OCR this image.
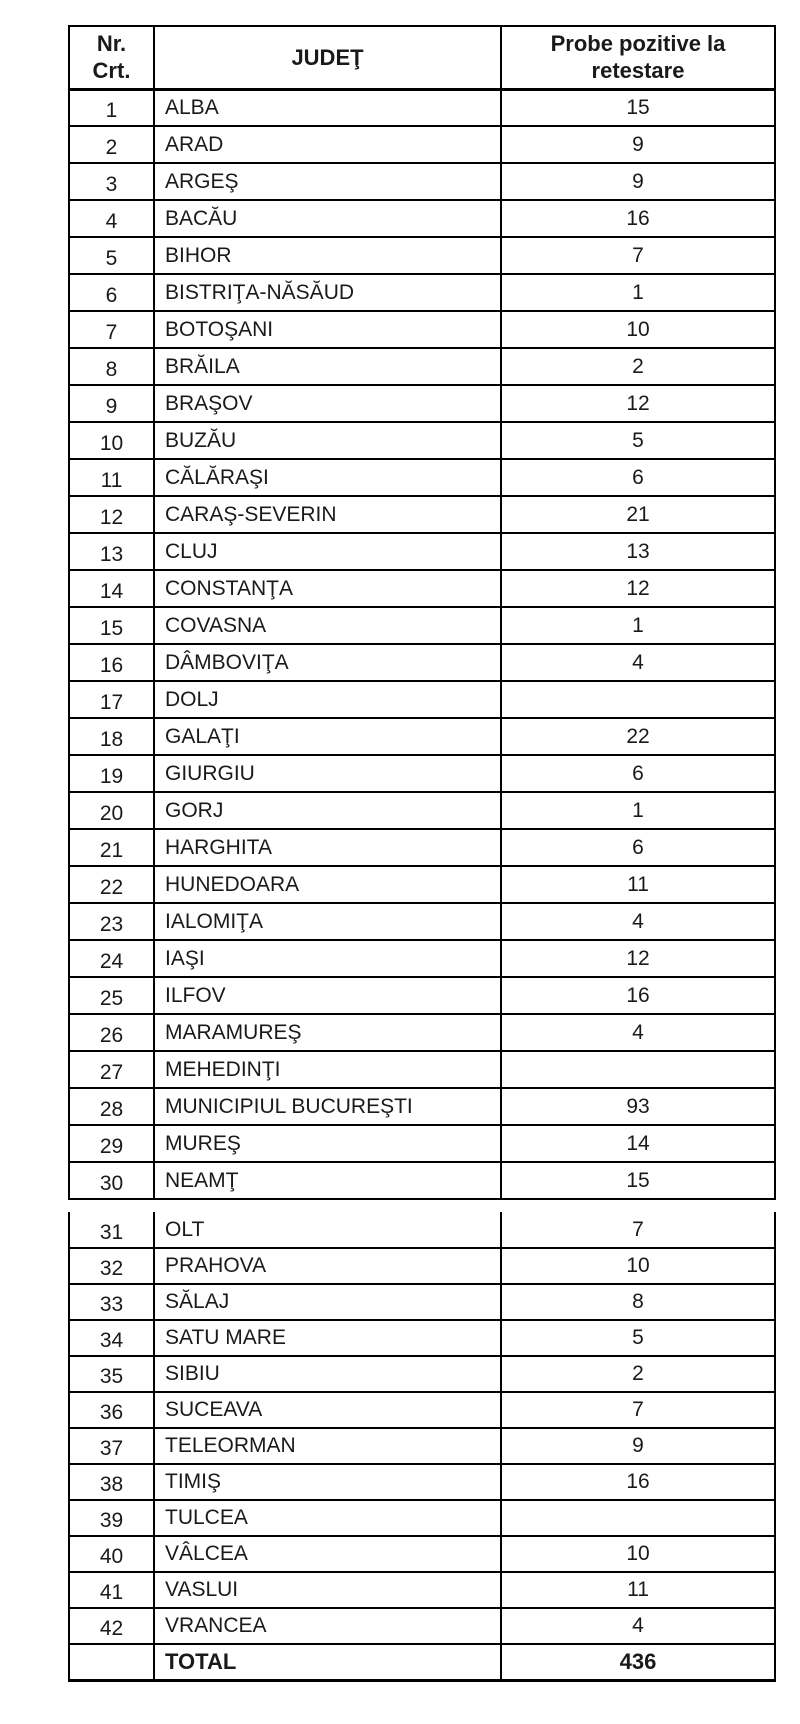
Nr. Crt.	JUDEŢ	Probe pozitive la retestare
1	ALBA	15
2	ARAD	9
3	ARGEŞ	9
4	BACĂU	16
5	BIHOR	7
6	BISTRIŢA-NĂSĂUD	1
7	BOTOŞANI	10
8	BRĂILA	2
9	BRAŞOV	12
10	BUZĂU	5
11	CĂLĂRAŞI	6
12	CARAŞ-SEVERIN	21
13	CLUJ	13
14	CONSTANŢA	12
15	COVASNA	1
16	DÂMBOVIŢA	4
17	DOLJ	
18	GALAŢI	22
19	GIURGIU	6
20	GORJ	1
21	HARGHITA	6
22	HUNEDOARA	11
23	IALOMIŢA	4
24	IAŞI	12
25	ILFOV	16
26	MARAMUREŞ	4
27	MEHEDINŢI	
28	MUNICIPIUL BUCUREŞTI	93
29	MUREŞ	14
30	NEAMŢ	15
31	OLT	7
32	PRAHOVA	10
33	SĂLAJ	8
34	SATU MARE	5
35	SIBIU	2
36	SUCEAVA	7
37	TELEORMAN	9
38	TIMIŞ	16
39	TULCEA	
40	VÂLCEA	10
41	VASLUI	11
42	VRANCEA	4
	TOTAL	436
